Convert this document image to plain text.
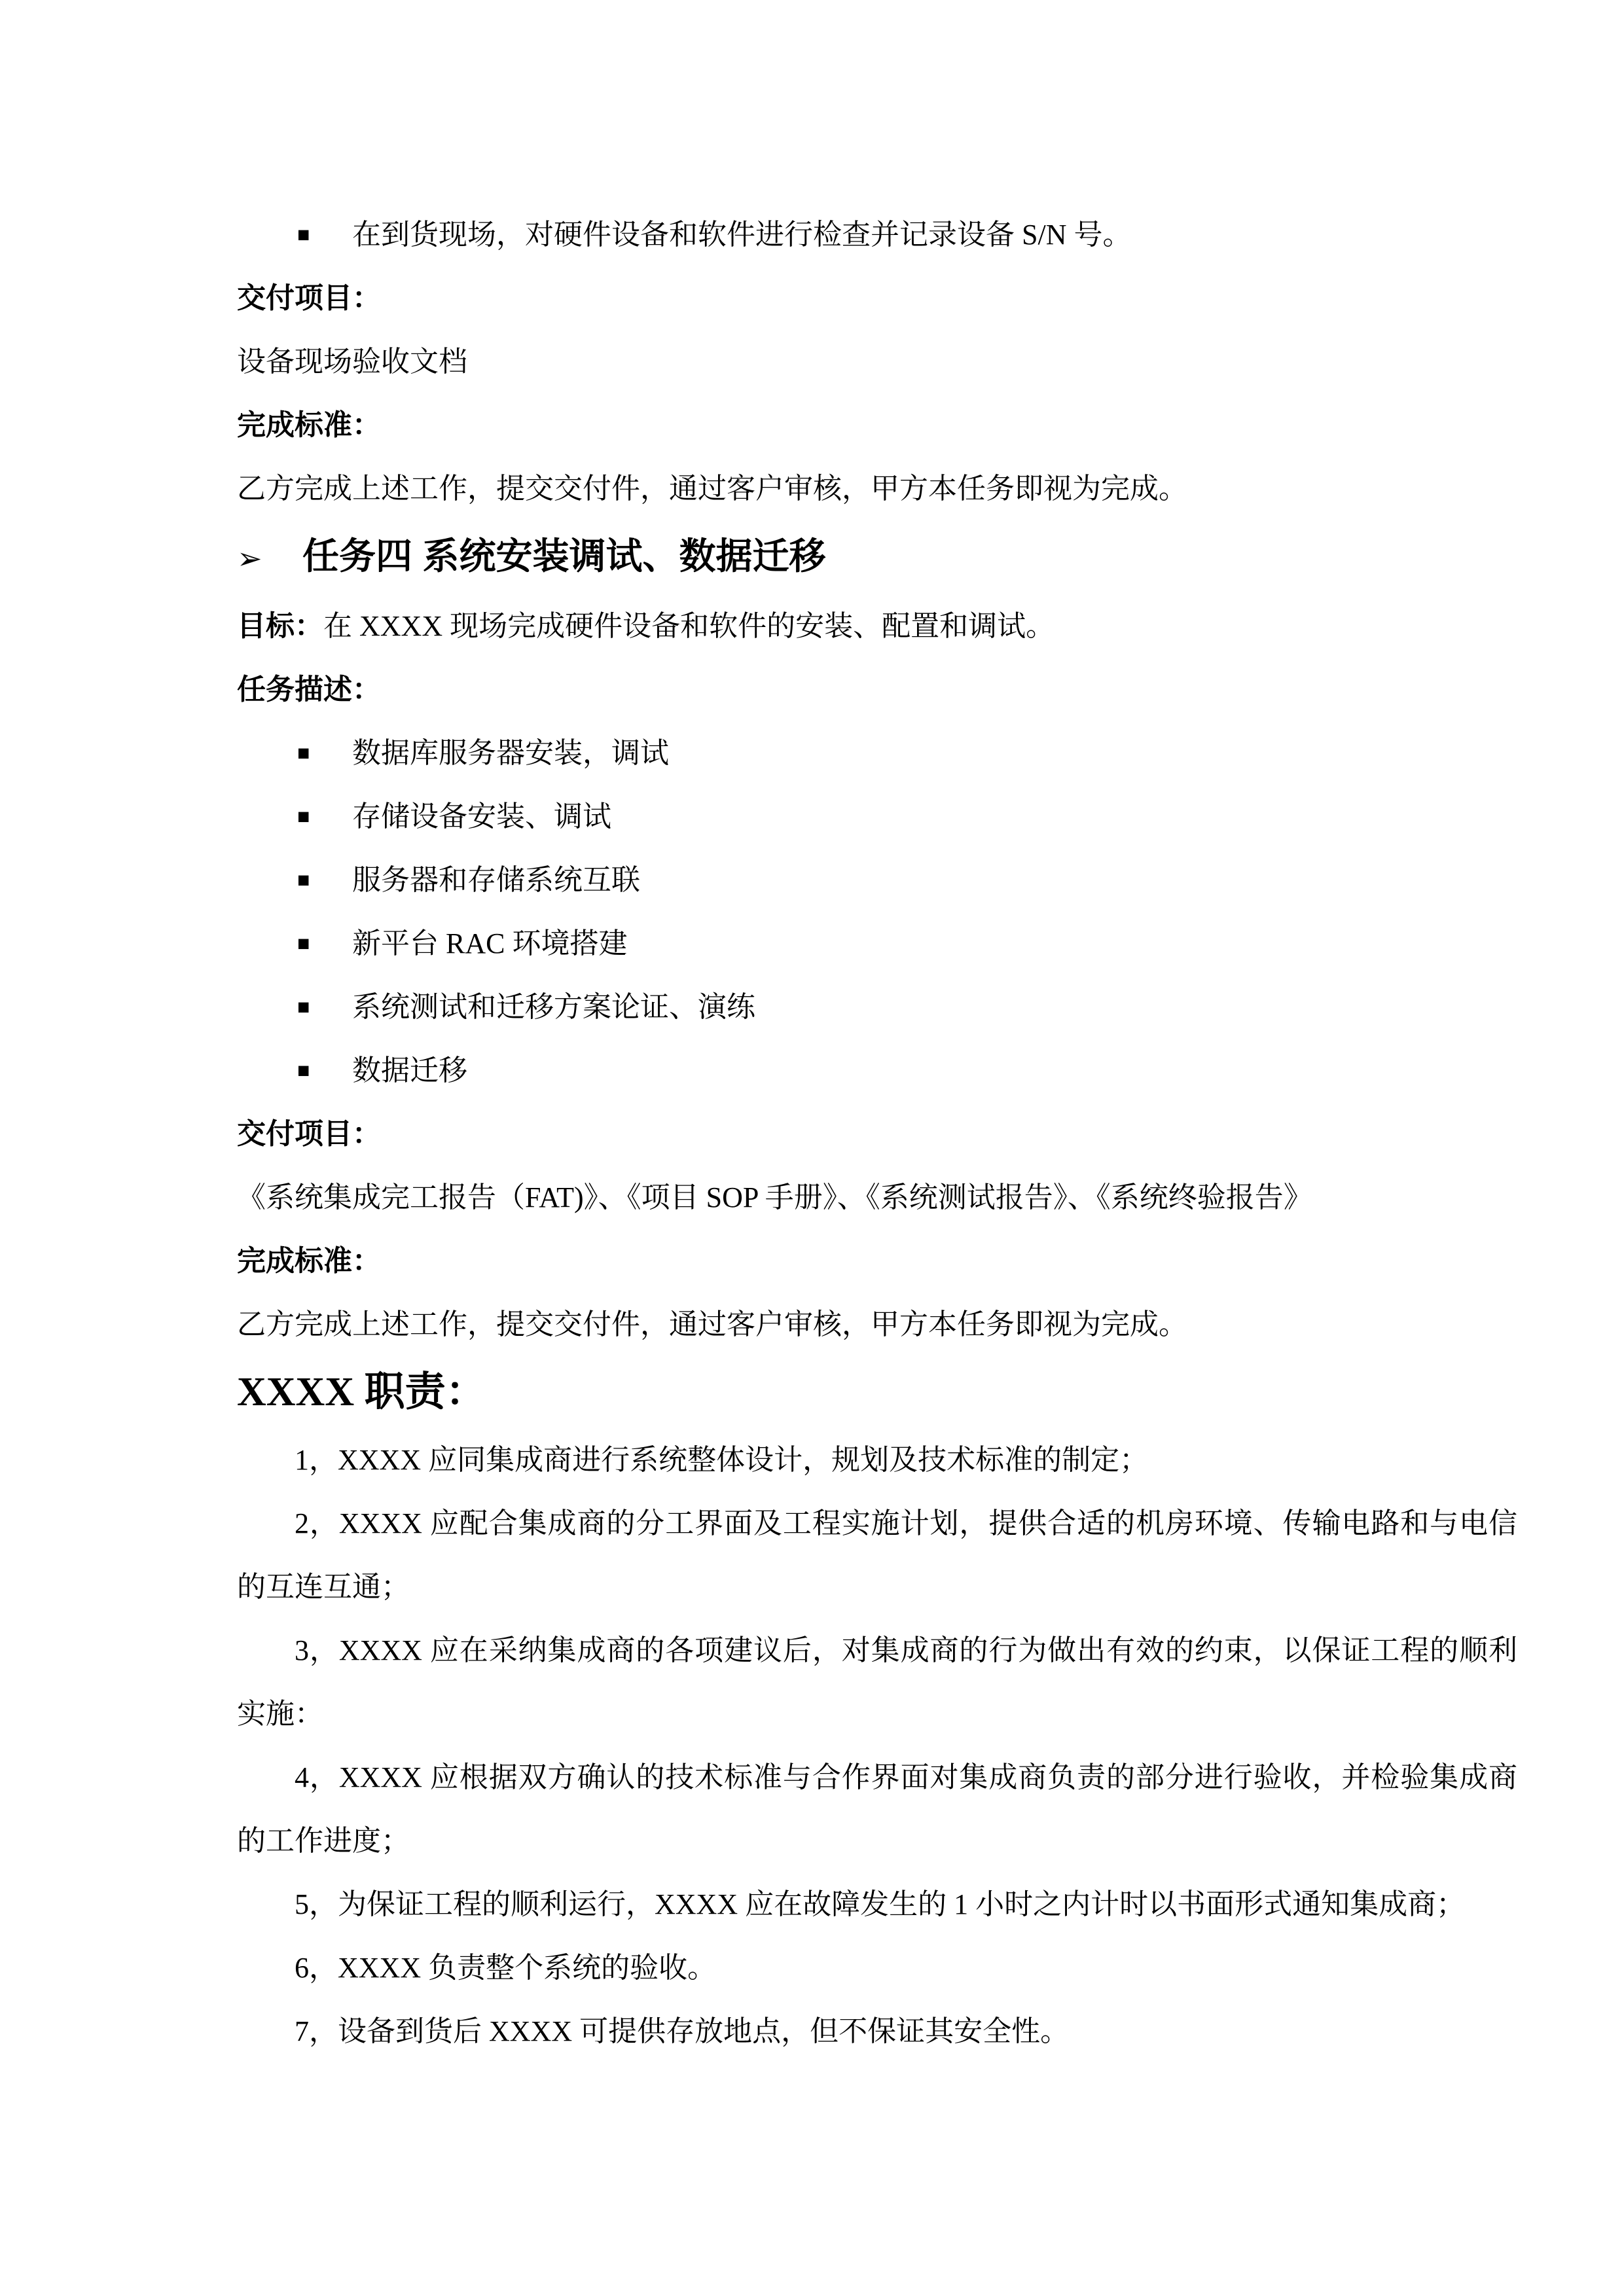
■	在到货现场，对硬件设备和软件进行检查并记录设备 S/N 号。
交付项目：
设备现场验收文档
完成标准：
乙方完成上述工作，提交交付件，通过客户审核，甲方本任务即视为完成。
➢	任务四 系统安装调试、数据迁移
目标：在 XXXX 现场完成硬件设备和软件的安装、配置和调试。
任务描述：
■	数据库服务器安装，调试
■	存储设备安装、调试
■	服务器和存储系统互联
■	新平台 RAC 环境搭建
■	系统测试和迁移方案论证、演练
■	数据迁移
交付项目：
《系统集成完工报告（FAT)》、《项目 SOP 手册》、《系统测试报告》、《系统终验报告》
完成标准：
乙方完成上述工作，提交交付件，通过客户审核，甲方本任务即视为完成。
XXXX 职责：
1，XXXX 应同集成商进行系统整体设计，规划及技术标准的制定；
2，XXXX 应配合集成商的分工界面及工程实施计划，提供合适的机房环境、传输电路和与电信的互连互通；
3，XXXX 应在采纳集成商的各项建议后，对集成商的行为做出有效的约束，以保证工程的顺利实施：
4，XXXX 应根据双方确认的技术标准与合作界面对集成商负责的部分进行验收，并检验集成商的工作进度；
5，为保证工程的顺利运行，XXXX 应在故障发生的 1 小时之内计时以书面形式通知集成商；
6，XXXX 负责整个系统的验收。
7，设备到货后 XXXX 可提供存放地点，但不保证其安全性。
